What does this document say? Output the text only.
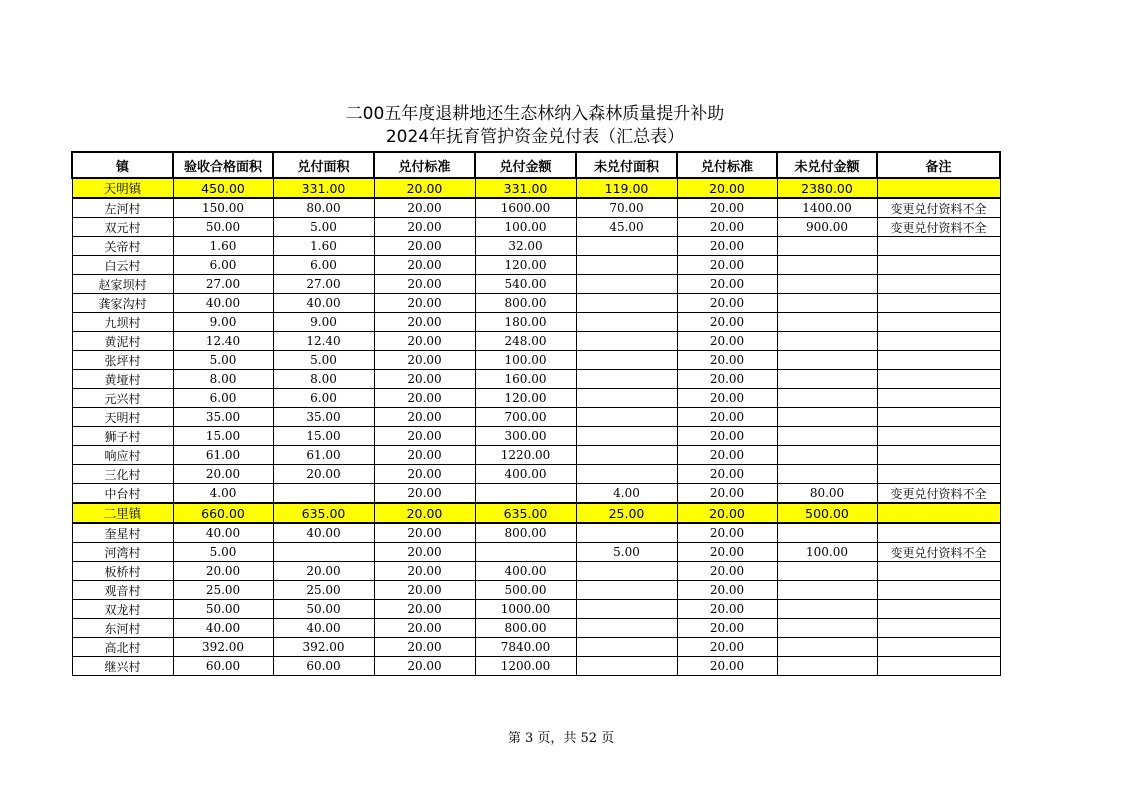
二00五年度退耕地还生态林纳入森林质量提升补助
2024年抚育管护资金兑付表（汇总表）
镇	验收合格面积	兑付面积	兑付标准	兑付金额	未兑付面积	兑付标准	未兑付金额	备注
天明镇	450.00	331.00	20.00	331.00	119.00	20.00	2380.00	
左河村	150.00	80.00	20.00	1600.00	70.00	20.00	1400.00	变更兑付资料不全
双元村	50.00	5.00	20.00	100.00	45.00	20.00	900.00	变更兑付资料不全
关帝村	1.60	1.60	20.00	32.00		20.00		
白云村	6.00	6.00	20.00	120.00		20.00		
赵家坝村	27.00	27.00	20.00	540.00		20.00		
龚家沟村	40.00	40.00	20.00	800.00		20.00		
九坝村	9.00	9.00	20.00	180.00		20.00		
黄泥村	12.40	12.40	20.00	248.00		20.00		
张坪村	5.00	5.00	20.00	100.00		20.00		
黄垭村	8.00	8.00	20.00	160.00		20.00		
元兴村	6.00	6.00	20.00	120.00		20.00		
天明村	35.00	35.00	20.00	700.00		20.00		
狮子村	15.00	15.00	20.00	300.00		20.00		
响应村	61.00	61.00	20.00	1220.00		20.00		
三化村	20.00	20.00	20.00	400.00		20.00		
中台村	4.00		20.00		4.00	20.00	80.00	变更兑付资料不全
二里镇	660.00	635.00	20.00	635.00	25.00	20.00	500.00	
奎星村	40.00	40.00	20.00	800.00		20.00		
河湾村	5.00		20.00		5.00	20.00	100.00	变更兑付资料不全
板桥村	20.00	20.00	20.00	400.00		20.00		
观音村	25.00	25.00	20.00	500.00		20.00		
双龙村	50.00	50.00	20.00	1000.00		20.00		
东河村	40.00	40.00	20.00	800.00		20.00		
高北村	392.00	392.00	20.00	7840.00		20.00		
继兴村	60.00	60.00	20.00	1200.00		20.00		
第 3 页，共 52 页
